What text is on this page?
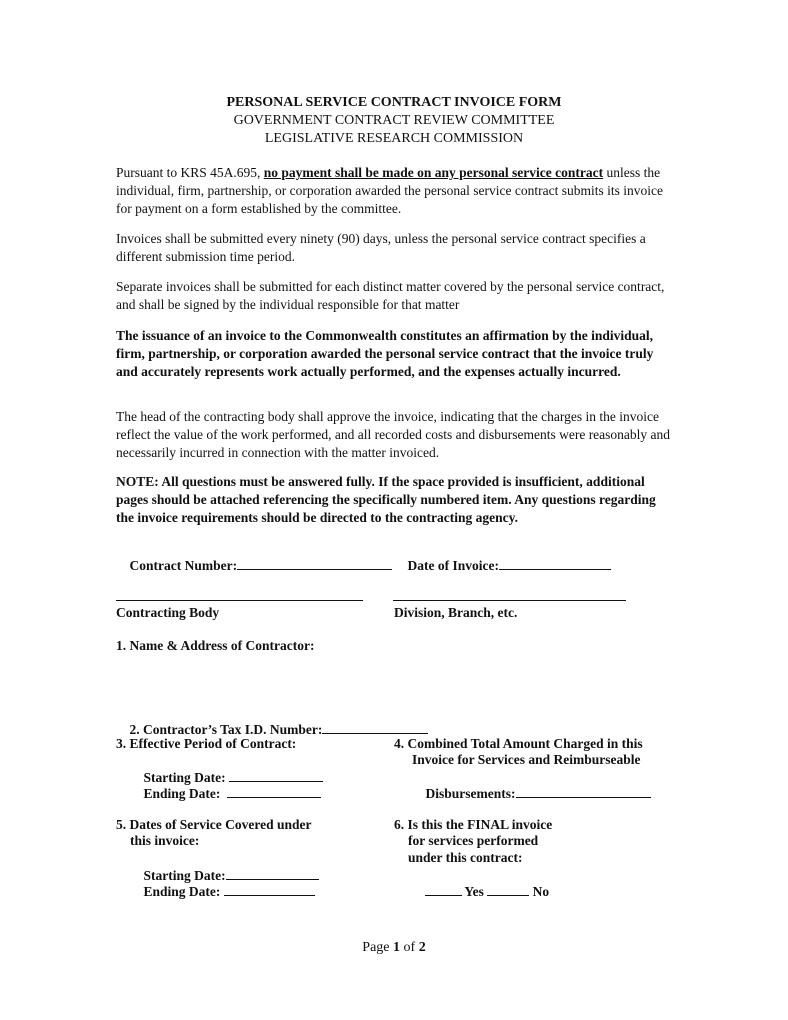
PERSONAL SERVICE CONTRACT INVOICE FORM
GOVERNMENT CONTRACT REVIEW COMMITTEE
LEGISLATIVE RESEARCH COMMISSION
Pursuant to KRS 45A.695, no payment shall be made on any personal service contract unless the individual, firm, partnership, or corporation awarded the personal service contract submits its invoice for payment on a form established by the committee.
Invoices shall be submitted every ninety (90) days, unless the personal service contract specifies a different submission time period.
Separate invoices shall be submitted for each distinct matter covered by the personal service contract, and shall be signed by the individual responsible for that matter
The issuance of an invoice to the Commonwealth constitutes an affirmation by the individual, firm, partnership, or corporation awarded the personal service contract that the invoice truly and accurately represents work actually performed, and the expenses actually incurred.
The head of the contracting body shall approve the invoice, indicating that the charges in the invoice reflect the value of the work performed, and all recorded costs and disbursements were reasonably and necessarily incurred in connection with the matter invoiced.
NOTE: All questions must be answered fully. If the space provided is insufficient, additional pages should be attached referencing the specifically numbered item. Any questions regarding the invoice requirements should be directed to the contracting agency.

Contract Number:
	Date of Invoice:

Contracting Body	Division, Branch, etc.
1. Name & Address of Contractor:

2. Contractor’s Tax I.D. Number:

3. Effective Period of Contract:

Starting Date:

Ending Date:

4. Combined Total Amount Charged in this
Invoice for Services and Reimburseable

Disbursements:

5. Dates of Service Covered under
this invoice:

Starting Date:

Ending Date:

6. Is this the FINAL invoice
for services performed
under this contract:

Yes	No

Page 1 of 2
